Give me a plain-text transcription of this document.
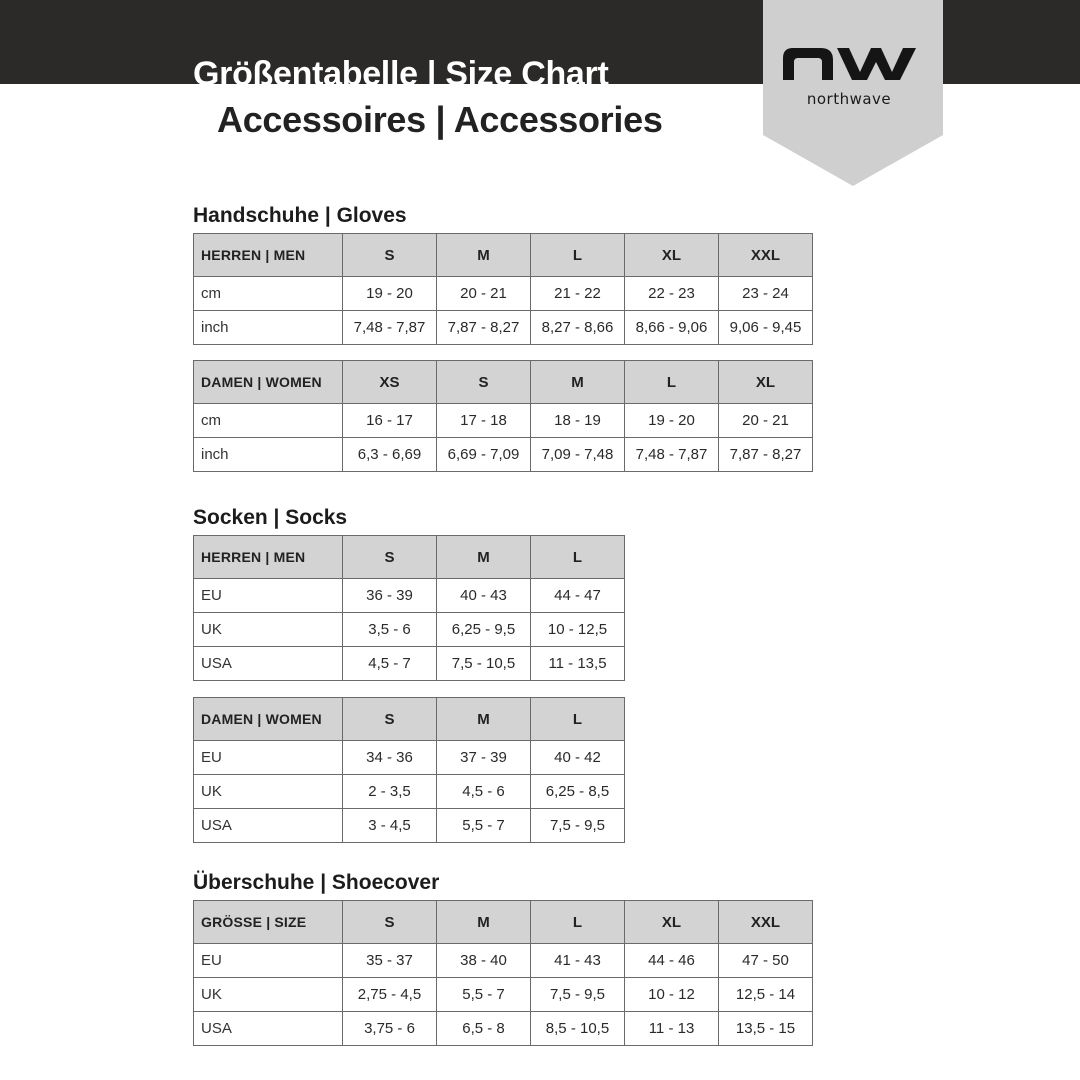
Größentabelle | Size Chart
Accessoires | Accessories	northwave
Handschuhe | Gloves
HERREN | MEN	S	M	L	XL	XXL
cm	19 - 20	20 - 21	21 - 22	22 - 23	23 - 24
inch	7,48 - 7,87	7,87 - 8,27	8,27 - 8,66	8,66 - 9,06	9,06 - 9,45
DAMEN | WOMEN	XS	S	M	L	XL
cm	16 - 17	17 - 18	18 - 19	19 - 20	20 - 21
inch	6,3 - 6,69	6,69 - 7,09	7,09 - 7,48	7,48 - 7,87	7,87 - 8,27
Socken | Socks
HERREN | MEN	S	M	L
EU	36 - 39	40 - 43	44 - 47
UK	3,5 - 6	6,25 - 9,5	10 - 12,5
USA	4,5 - 7	7,5 - 10,5	11 - 13,5
DAMEN | WOMEN	S	M	L
EU	34 - 36	37 - 39	40 - 42
UK	2 - 3,5	4,5 - 6	6,25 - 8,5
USA	3 - 4,5	5,5 - 7	7,5 - 9,5
Überschuhe | Shoecover
GRÖSSE | SIZE	S	M	L	XL	XXL
EU	35 - 37	38 - 40	41 - 43	44 - 46	47 - 50
UK	2,75 - 4,5	5,5 - 7	7,5 - 9,5	10 - 12	12,5 - 14
USA	3,75 - 6	6,5 - 8	8,5 - 10,5	11 - 13	13,5 - 15
